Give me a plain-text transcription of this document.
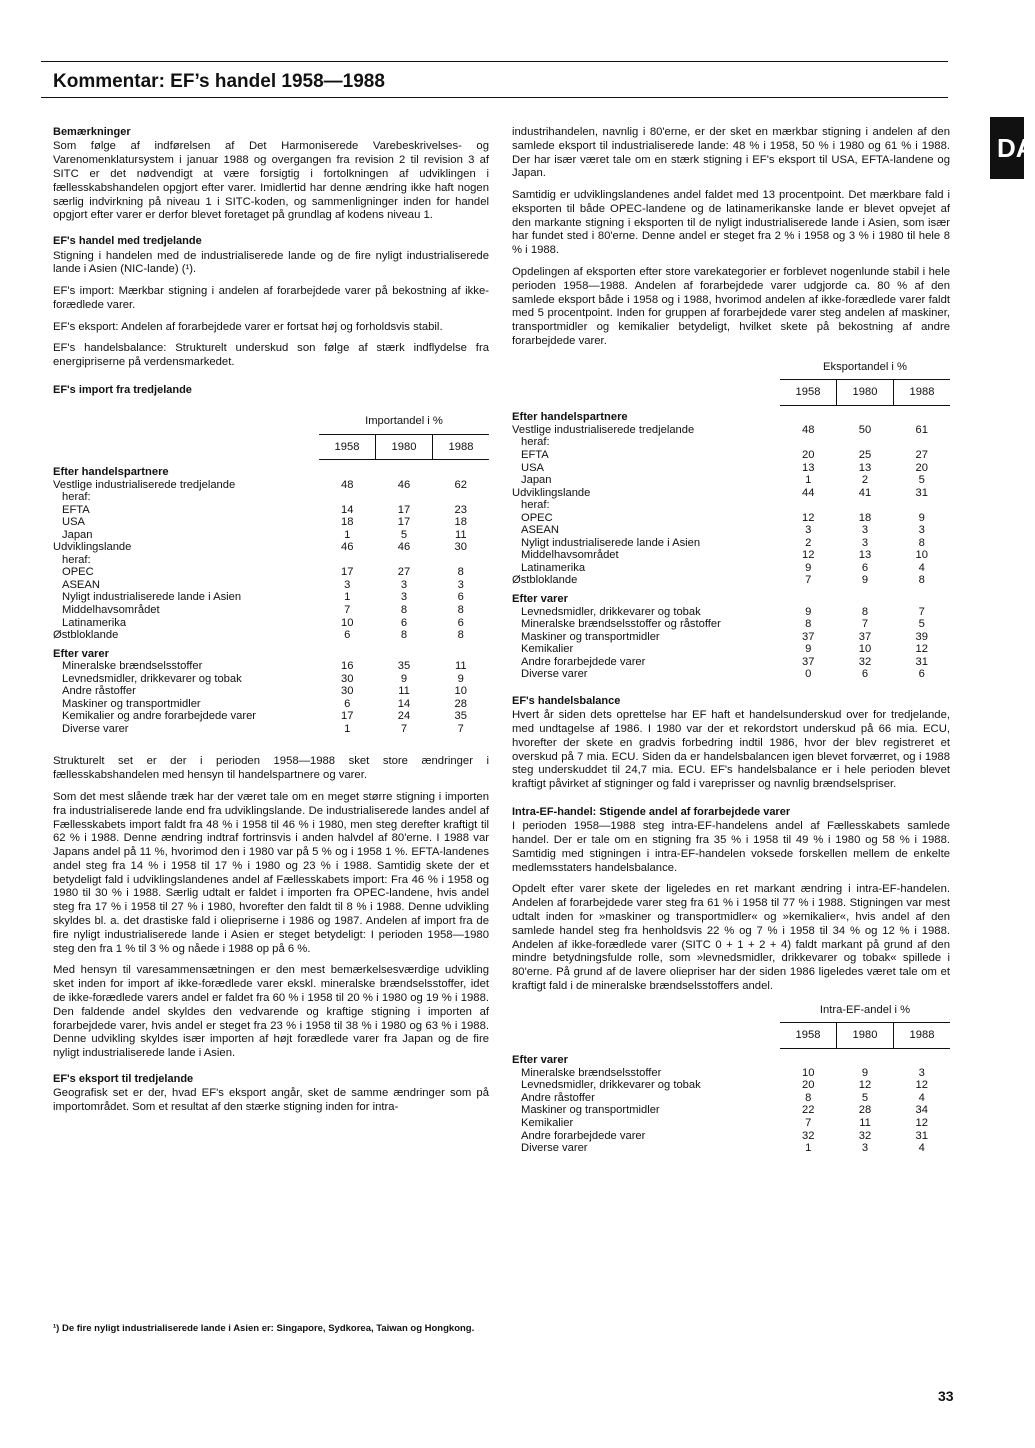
Kommentar: EF’s handel 1958—1988
DA
Bemærkninger

Som følge af indførelsen af Det Harmoniserede Varebeskrivelses- og Varenomenklatursystem i januar 1988 og overgangen fra revision 2 til revision 3 af SITC er det nødvendigt at være forsigtig i fortolkningen af udviklingen i fællesskabshandelen opgjort efter varer. Imidlertid har denne ændring ikke haft nogen særlig indvirkning på niveau 1 i SITC-koden, og sammenligninger inden for handel opgjort efter varer er derfor blevet foretaget på grundlag af kodens niveau 1.

EF's handel med tredjelande

Stigning i handelen med de industrialiserede lande og de fire nyligt industrialiserede lande i Asien (NIC-lande) (¹).

EF's import: Mærkbar stigning i andelen af forarbejdede varer på bekostning af ikke-forædlede varer.

EF's eksport: Andelen af forarbejdede varer er fortsat høj og forholdsvis stabil.

EF's handelsbalance: Strukturelt underskud son følge af stærk indflydelse fra energipriserne på verdensmarkedet.

EF's import fra tredjelande
	Importandel i %		
	1958	1980	1988
Efter handelspartnere			
Vestlige industrialiserede tredjelande	48	46	62
heraf:			
EFTA	14	17	23
USA	18	17	18
Japan	1	5	11
Udviklingslande	46	46	30
heraf:			
OPEC	17	27	8
ASEAN	3	3	3
Nyligt industrialiserede lande i Asien	1	3	6
Middelhavsområdet	7	8	8
Latinamerika	10	6	6
Østbloklande	6	8	8
Efter varer			
Mineralske brændselsstoffer	16	35	11
Levnedsmidler, drikkevarer og tobak	30	9	9
Andre råstoffer	30	11	10
Maskiner og transportmidler	6	14	28
Kemikalier og andre forarbejdede varer	17	24	35
Diverse varer	1	7	7

Strukturelt set er der i perioden 1958—1988 sket store ændringer i fællesskabshandelen med hensyn til handelspartnere og varer.

Som det mest slående træk har der været tale om en meget større stigning i importen fra industrialiserede lande end fra udviklingslande. De industrialiserede landes andel af Fællesskabets import faldt fra 48 % i 1958 til 46 % i 1980, men steg derefter kraftigt til 62 % i 1988. Denne ændring indtraf fortrinsvis i anden halvdel af 80'erne. I 1988 var Japans andel på 11 %, hvorimod den i 1980 var på 5 % og i 1958 1 %. EFTA-landenes andel steg fra 14 % i 1958 til 17 % i 1980 og 23 % i 1988. Samtidig skete der et betydeligt fald i udviklingslandenes andel af Fællesskabets import: Fra 46 % i 1958 og 1980 til 30 % i 1988. Særlig udtalt er faldet i importen fra OPEC-landene, hvis andel steg fra 17 % i 1958 til 27 % i 1980, hvorefter den faldt til 8 % i 1988. Denne udvikling skyldes bl. a. det drastiske fald i oliepriserne i 1986 og 1987. Andelen af import fra de fire nyligt industrialiserede lande i Asien er steget betydeligt: I perioden 1958—1980 steg den fra 1 % til 3 % og nåede i 1988 op på 6 %.

Med hensyn til varesammensætningen er den mest bemærkelsesværdige udvikling sket inden for import af ikke-forædlede varer ekskl. mineralske brændselsstoffer, idet de ikke-forædlede varers andel er faldet fra 60 % i 1958 til 20 % i 1980 og 19 % i 1988. Den faldende andel skyldes den vedvarende og kraftige stigning i importen af forarbejdede varer, hvis andel er steget fra 23 % i 1958 til 38 % i 1980 og 63 % i 1988. Denne udvikling skyldes især importen af højt forædlede varer fra Japan og de fire nyligt industrialiserede lande i Asien.

EF's eksport til tredjelande

Geografisk set er der, hvad EF's eksport angår, sket de samme ændringer som på importområdet. Som et resultat af den stærke stigning inden for intra-

industrihandelen, navnlig i 80'erne, er der sket en mærkbar stigning i andelen af den samlede eksport til industrialiserede lande: 48 % i 1958, 50 % i 1980 og 61 % i 1988. Der har især været tale om en stærk stigning i EF's eksport til USA, EFTA-landene og Japan.

Samtidig er udviklingslandenes andel faldet med 13 procentpoint. Det mærkbare fald i eksporten til både OPEC-landene og de latinamerikanske lande er blevet opvejet af den markante stigning i eksporten til de nyligt industrialiserede lande i Asien, som især har fundet sted i 80'erne. Denne andel er steget fra 2 % i 1958 og 3 % i 1980 til hele 8 % i 1988.

Opdelingen af eksporten efter store varekategorier er forblevet nogenlunde stabil i hele perioden 1958—1988. Andelen af forarbejdede varer udgjorde ca. 80 % af den samlede eksport både i 1958 og i 1988, hvorimod andelen af ikke-forædlede varer faldt med 5 procentpoint. Inden for gruppen af forarbejdede varer steg andelen af maskiner, transportmidler og kemikalier betydeligt, hvilket skete på bekostning af andre forarbejdede varer.

	Eksportandel i %		
	1958	1980	1988
Efter handelspartnere			
Vestlige industrialiserede tredjelande	48	50	61
heraf:			
EFTA	20	25	27
USA	13	13	20
Japan	1	2	5
Udviklingslande	44	41	31
heraf:			
OPEC	12	18	9
ASEAN	3	3	3
Nyligt industrialiserede lande i Asien	2	3	8
Middelhavsområdet	12	13	10
Latinamerika	9	6	4
Østbloklande	7	9	8
Efter varer			
Levnedsmidler, drikkevarer og tobak	9	8	7
Mineralske brændselsstoffer og råstoffer	8	7	5
Maskiner og transportmidler	37	37	39
Kemikalier	9	10	12
Andre forarbejdede varer	37	32	31
Diverse varer	0	6	6
EF's handelsbalance

Hvert år siden dets oprettelse har EF haft et handelsunderskud over for tredjelande, med undtagelse af 1986. I 1980 var der et rekordstort underskud på 66 mia. ECU, hvorefter der skete en gradvis forbedring indtil 1986, hvor der blev registreret et overskud på 7 mia. ECU. Siden da er handelsbalancen igen blevet forværret, og i 1988 steg underskuddet til 24,7 mia. ECU. EF's handelsbalance er i hele perioden blevet kraftigt påvirket af stigninger og fald i vareprisser og navnlig brændselspriser.

Intra-EF-handel: Stigende andel af forarbejdede varer

I perioden 1958—1988 steg intra-EF-handelens andel af Fællesskabets samlede handel. Der er tale om en stigning fra 35 % i 1958 til 49 % i 1980 og 58 % i 1988. Samtidig med stigningen i intra-EF-handelen voksede forskellen mellem de enkelte medlemsstaters handelsbalance.

Opdelt efter varer skete der ligeledes en ret markant ændring i intra-EF-handelen. Andelen af forarbejdede varer steg fra 61 % i 1958 til 77 % i 1988. Stigningen var mest udtalt inden for »maskiner og transportmidler« og »kemikalier«, hvis andel af den samlede handel steg fra henholdsvis 22 % og 7 % i 1958 til 34 % og 12 % i 1988. Andelen af ikke-forædlede varer (SITC 0 + 1 + 2 + 4) faldt markant på grund af den mindre betydningsfulde rolle, som »levnedsmidler, drikkevarer og tobak« spillede i 80'erne. På grund af de lavere oliepriser har der siden 1986 ligeledes været tale om et kraftigt fald i de mineralske brændselsstoffers andel.

	Intra-EF-andel i %		
	1958	1980	1988
Efter varer			
Mineralske brændselsstoffer	10	9	3
Levnedsmidler, drikkevarer og tobak	20	12	12
Andre råstoffer	8	5	4
Maskiner og transportmidler	22	28	34
Kemikalier	7	11	12
Andre forarbejdede varer	32	32	31
Diverse varer	1	3	4
¹) De fire nyligt industrialiserede lande i Asien er: Singapore, Sydkorea, Taiwan og Hongkong.
33
